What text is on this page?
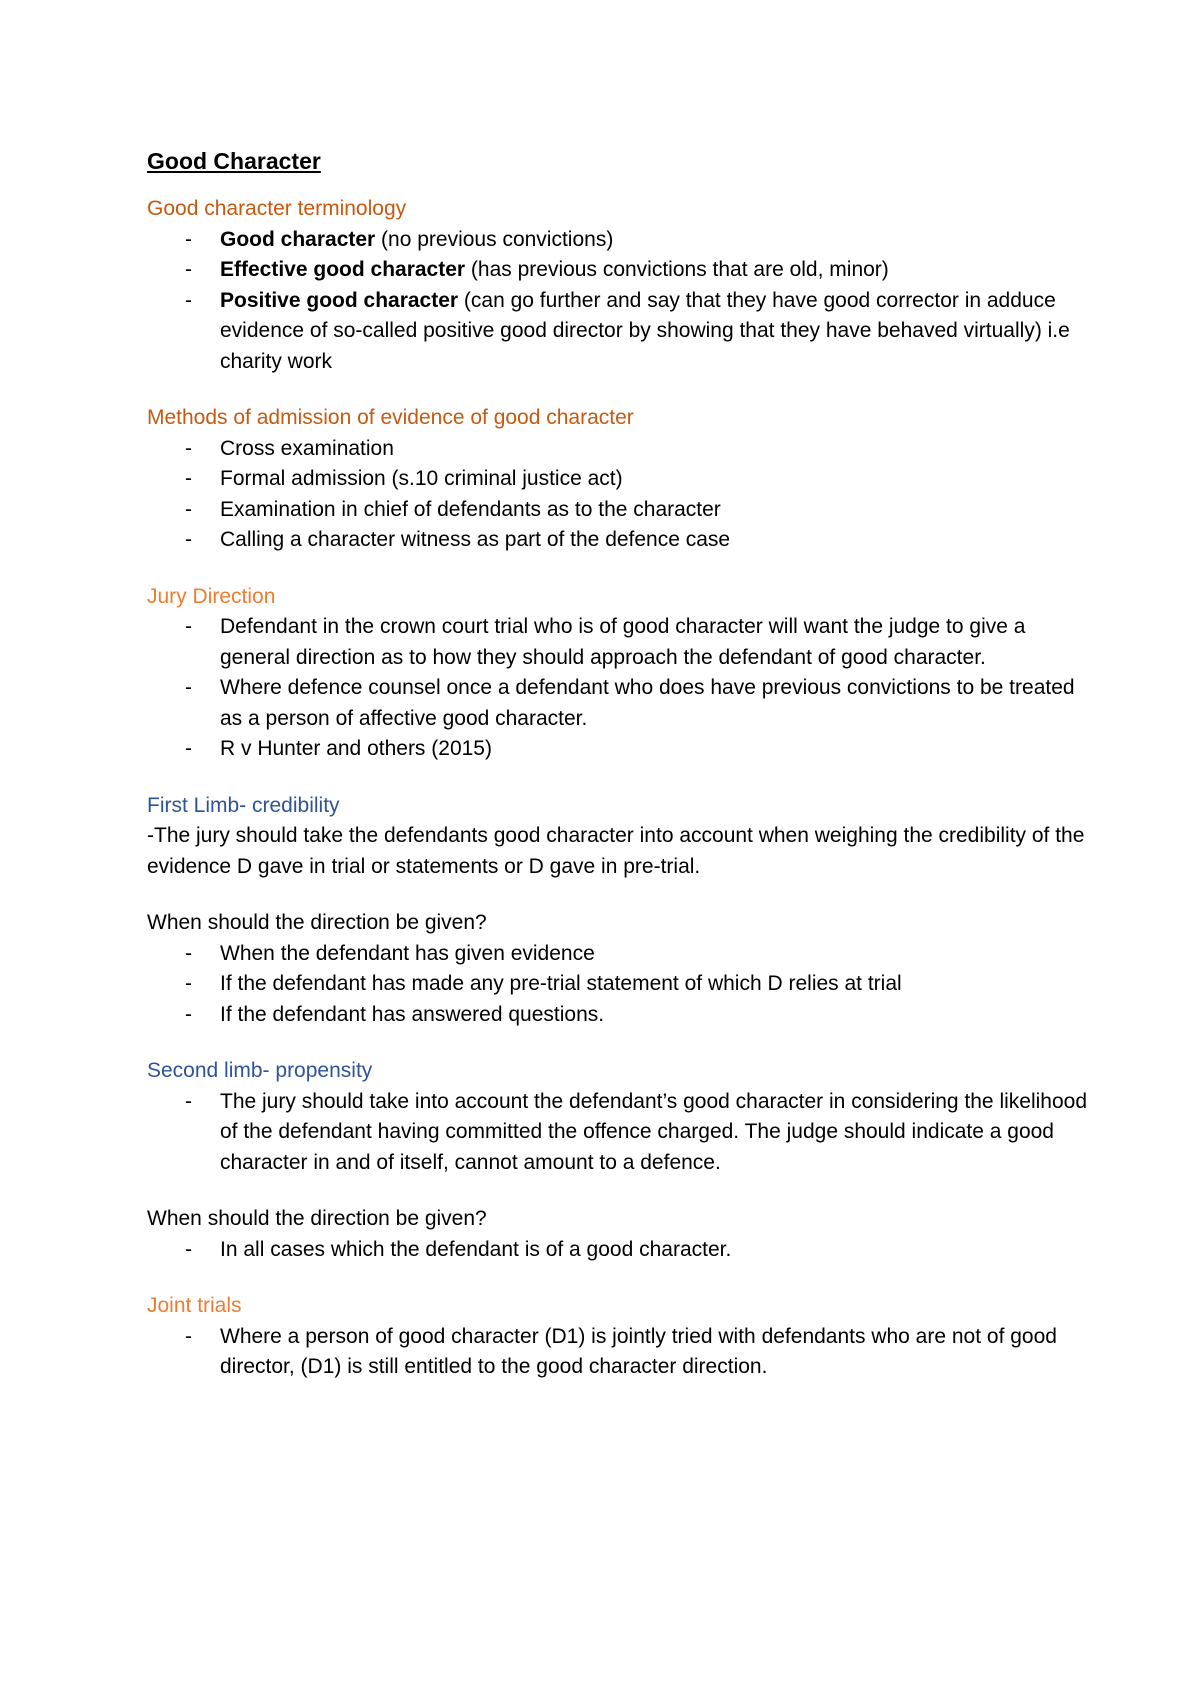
Good Character
Good character terminology
-	Good character (no previous convictions)
-	Effective good character (has previous convictions that are old, minor)
-	Positive good character (can go further and say that they have good corrector in adduce evidence of so-called positive good director by showing that they have behaved virtually) i.e charity work
Methods of admission of evidence of good character
-	Cross examination
-	Formal admission (s.10 criminal justice act)
-	Examination in chief of defendants as to the character
-	Calling a character witness as part of the defence case
Jury Direction
-	Defendant in the crown court trial who is of good character will want the judge to give a general direction as to how they should approach the defendant of good character.
-	Where defence counsel once a defendant who does have previous convictions to be treated as a person of affective good character.
-	R v Hunter and others (2015)
First Limb- credibility

-The jury should take the defendants good character into account when weighing the credibility of the evidence D gave in trial or statements or D gave in pre-trial.

When should the direction be given?

-	When the defendant has given evidence
-	If the defendant has made any pre-trial statement of which D relies at trial
-	If the defendant has answered questions.
Second limb- propensity
-	The jury should take into account the defendant’s good character in considering the likelihood of the defendant having committed the offence charged. The judge should indicate a good character in and of itself, cannot amount to a defence.

When should the direction be given?

-	In all cases which the defendant is of a good character.
Joint trials
-	Where a person of good character (D1) is jointly tried with defendants who are not of good director, (D1) is still entitled to the good character direction.
